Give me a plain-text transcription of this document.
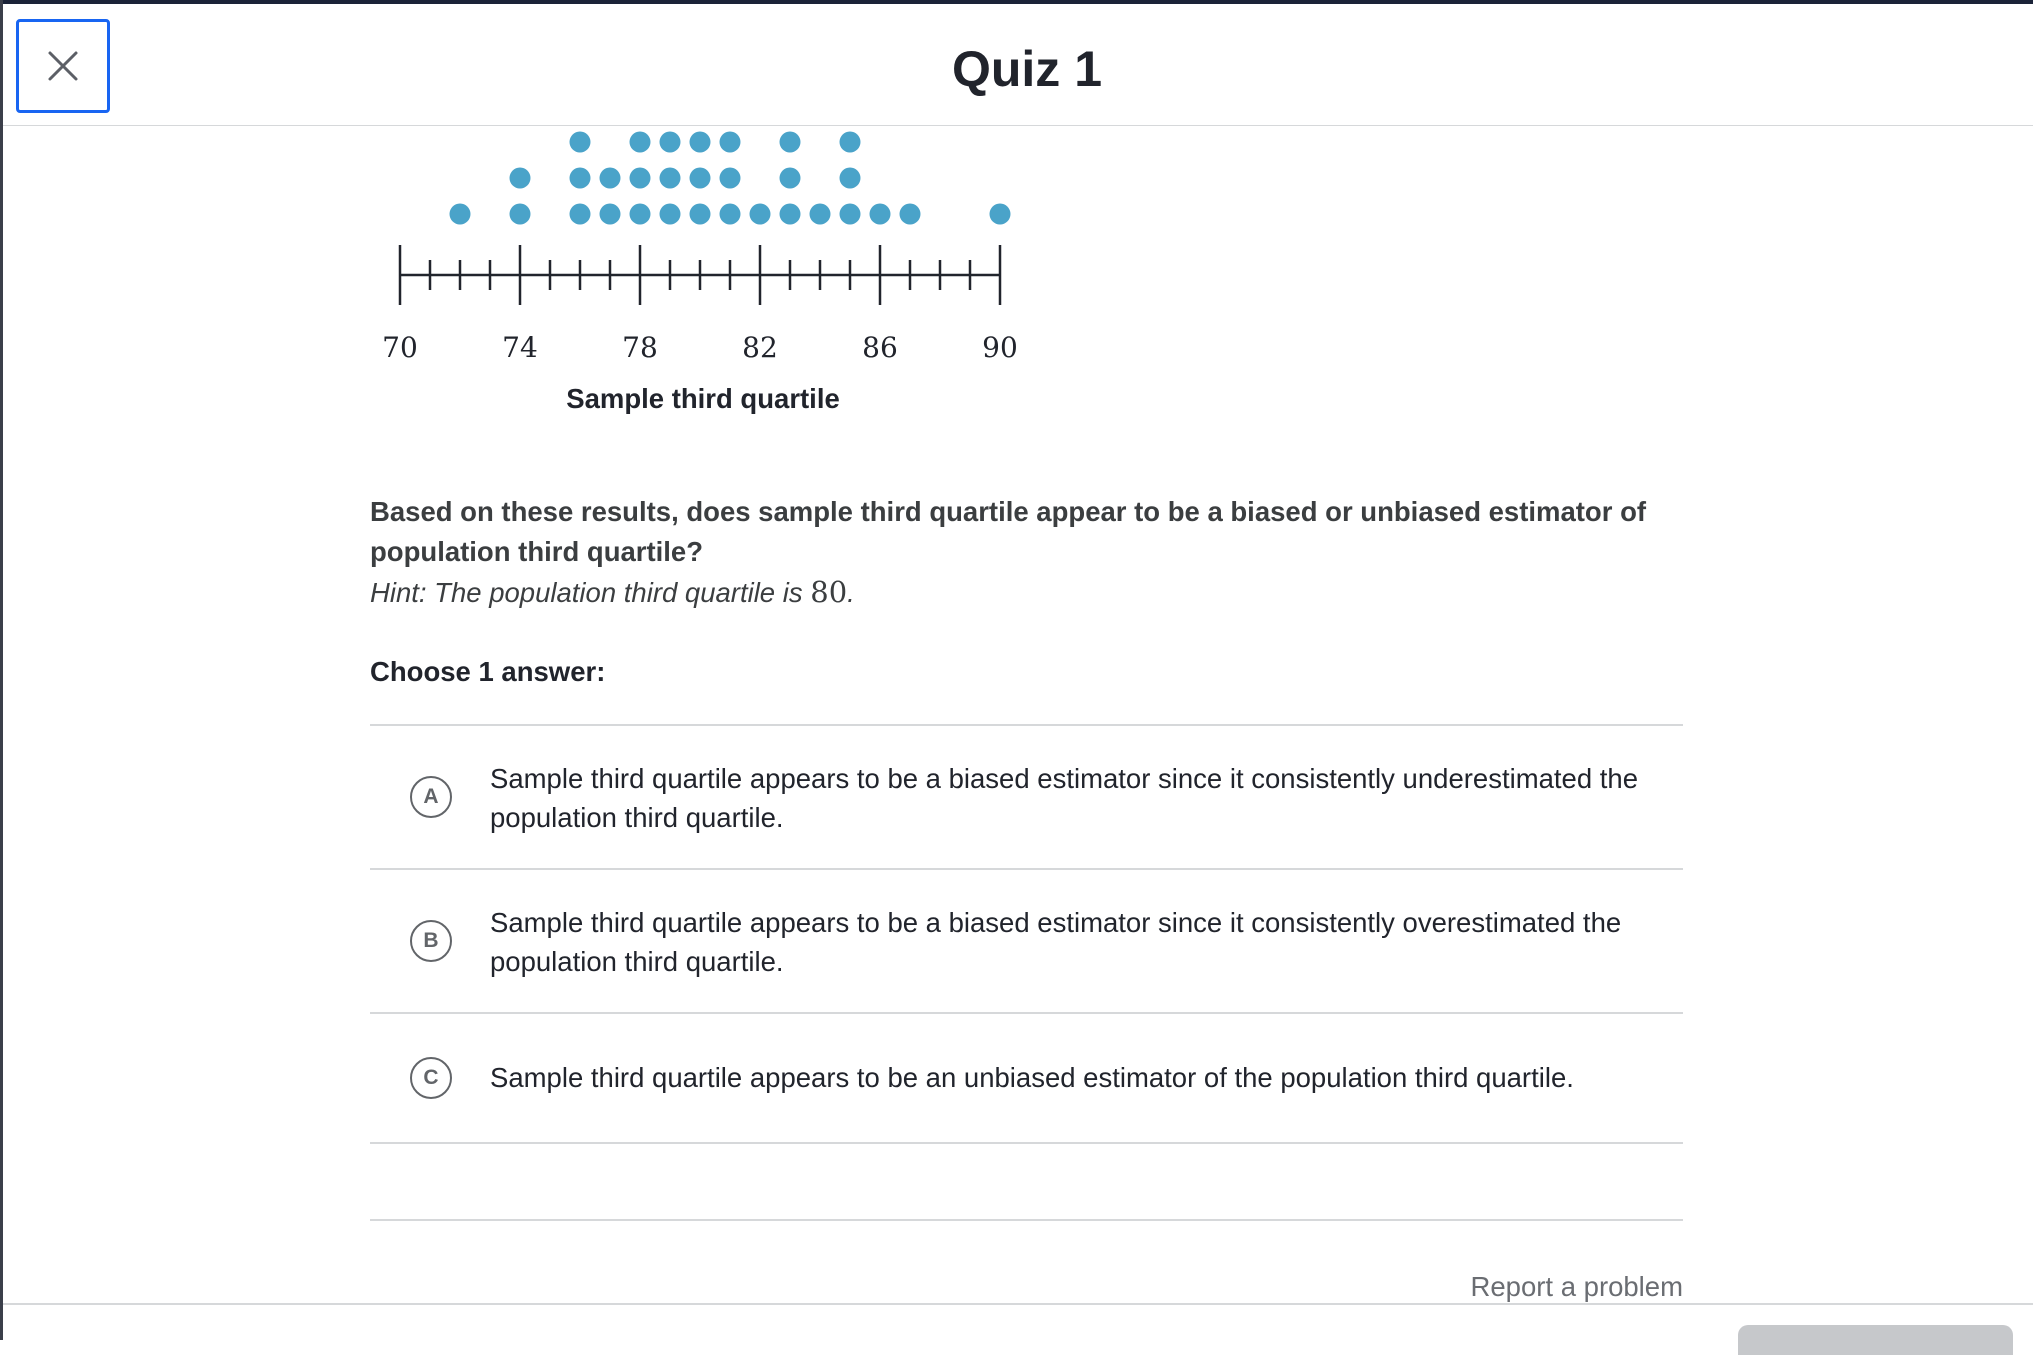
Quiz 1
70	74	78	82	86	90
Sample third quartile
Based on these results, does sample third quartile appear to be a biased or unbiased estimator of population third quartile?
Hint: The population third quartile is 80.
Choose 1 answer:
A
Sample third quartile appears to be a biased estimator since it consistently underestimated the population third quartile.
B
Sample third quartile appears to be a biased estimator since it consistently overestimated the population third quartile.
C	Sample third quartile appears to be an unbiased estimator of the population third quartile.
Report a problem
